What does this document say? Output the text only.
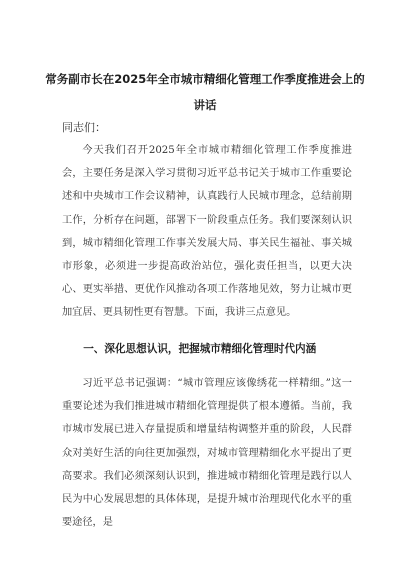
常务副市长在2025年全市城市精细化管理工作季度推进会上的讲话
同志们：

今天我们召开2025年全市城市精细化管理工作季度推进会，主要任务是深入学习贯彻习近平总书记关于城市工作重要论述和中央城市工作会议精神，认真践行人民城市理念，总结前期工作，分析存在问题，部署下一阶段重点任务。我们要深刻认识到，城市精细化管理工作事关发展大局、事关民生福祉、事关城市形象，必须进一步提高政治站位，强化责任担当，以更大决心、更实举措、更优作风推动各项工作落地见效，努力让城市更加宜居、更具韧性更有智慧。下面，我讲三点意见。

一、深化思想认识，把握城市精细化管理时代内涵

习近平总书记强调：“城市管理应该像绣花一样精细。”这一重要论述为我们推进城市精细化管理提供了根本遵循。当前，我市城市发展已进入存量提质和增量结构调整并重的阶段，人民群众对美好生活的向往更加强烈，对城市管理精细化水平提出了更高要求。我们必须深刻认识到，推进城市精细化管理是践行以人民为中心发展思想的具体体现，是提升城市治理现代化水平的重要途径，是
